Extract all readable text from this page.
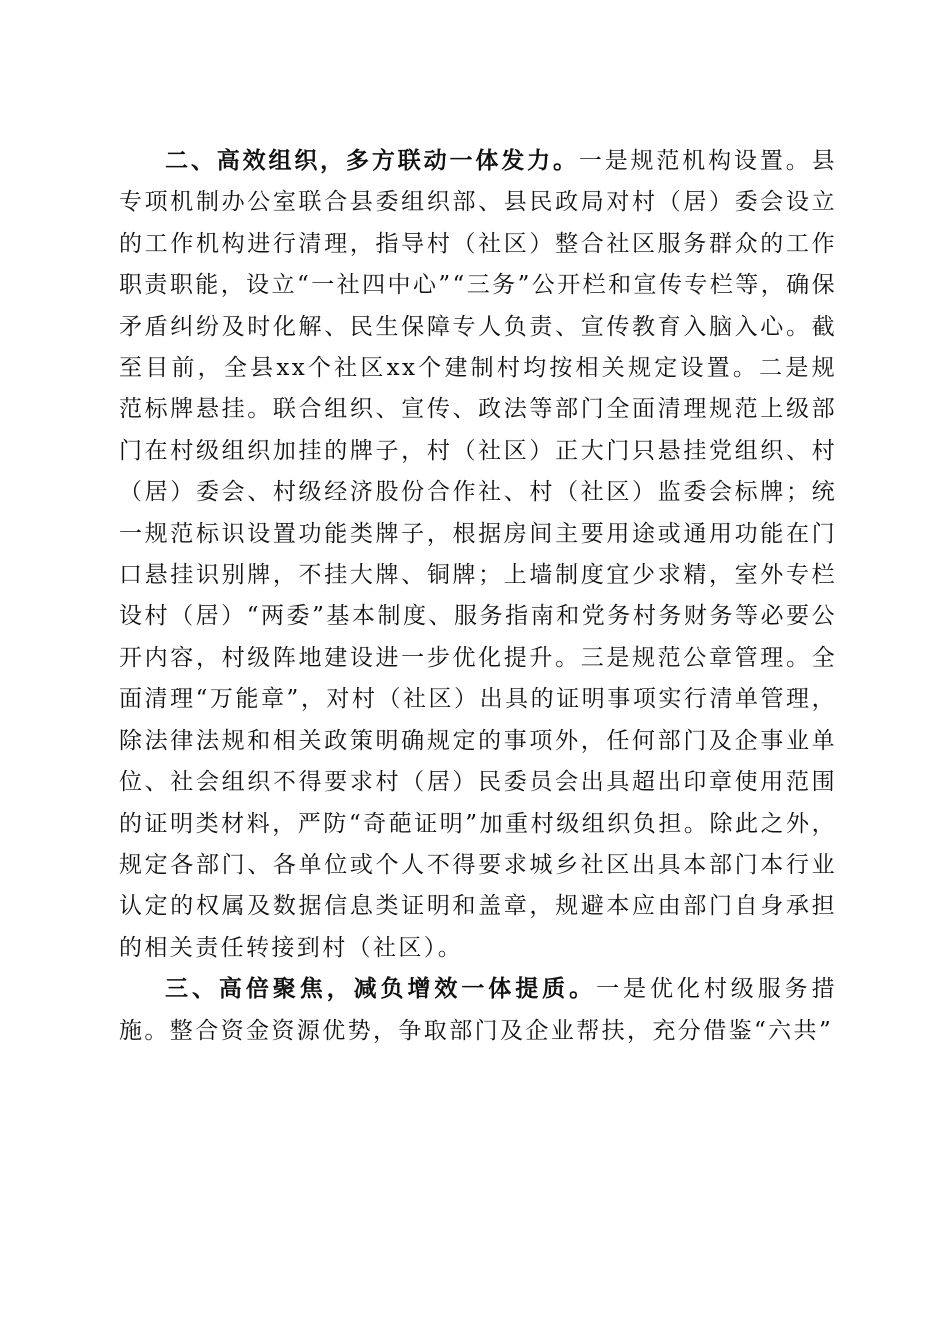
二、高效组织，多方联动一体发力。一是规范机构设置。县专项机制办公室联合县委组织部、县民政局对村（居）委会设立的工作机构进行清理，指导村（社区）整合社区服务群众的工作职责职能，设立“一社四中心”“三务”公开栏和宣传专栏等，确保矛盾纠纷及时化解、民生保障专人负责、宣传教育入脑入心。截至目前，全县xx个社区xx个建制村均按相关规定设置。二是规范标牌悬挂。联合组织、宣传、政法等部门全面清理规范上级部门在村级组织加挂的牌子，村（社区）正大门只悬挂党组织、村（居）委会、村级经济股份合作社、村（社区）监委会标牌；统一规范标识设置功能类牌子，根据房间主要用途或通用功能在门口悬挂识别牌，不挂大牌、铜牌；上墙制度宜少求精，室外专栏设村（居）“两委”基本制度、服务指南和党务村务财务等必要公开内容，村级阵地建设进一步优化提升。三是规范公章管理。全面清理“万能章”，对村（社区）出具的证明事项实行清单管理，除法律法规和相关政策明确规定的事项外，任何部门及企事业单位、社会组织不得要求村（居）民委员会出具超出印章使用范围的证明类材料，严防“奇葩证明”加重村级组织负担。除此之外，规定各部门、各单位或个人不得要求城乡社区出具本部门本行业认定的权属及数据信息类证明和盖章，规避本应由部门自身承担的相关责任转接到村（社区）。

三、高倍聚焦，减负增效一体提质。一是优化村级服务措施。整合资金资源优势，争取部门及企业帮扶，充分借鉴“六共”
